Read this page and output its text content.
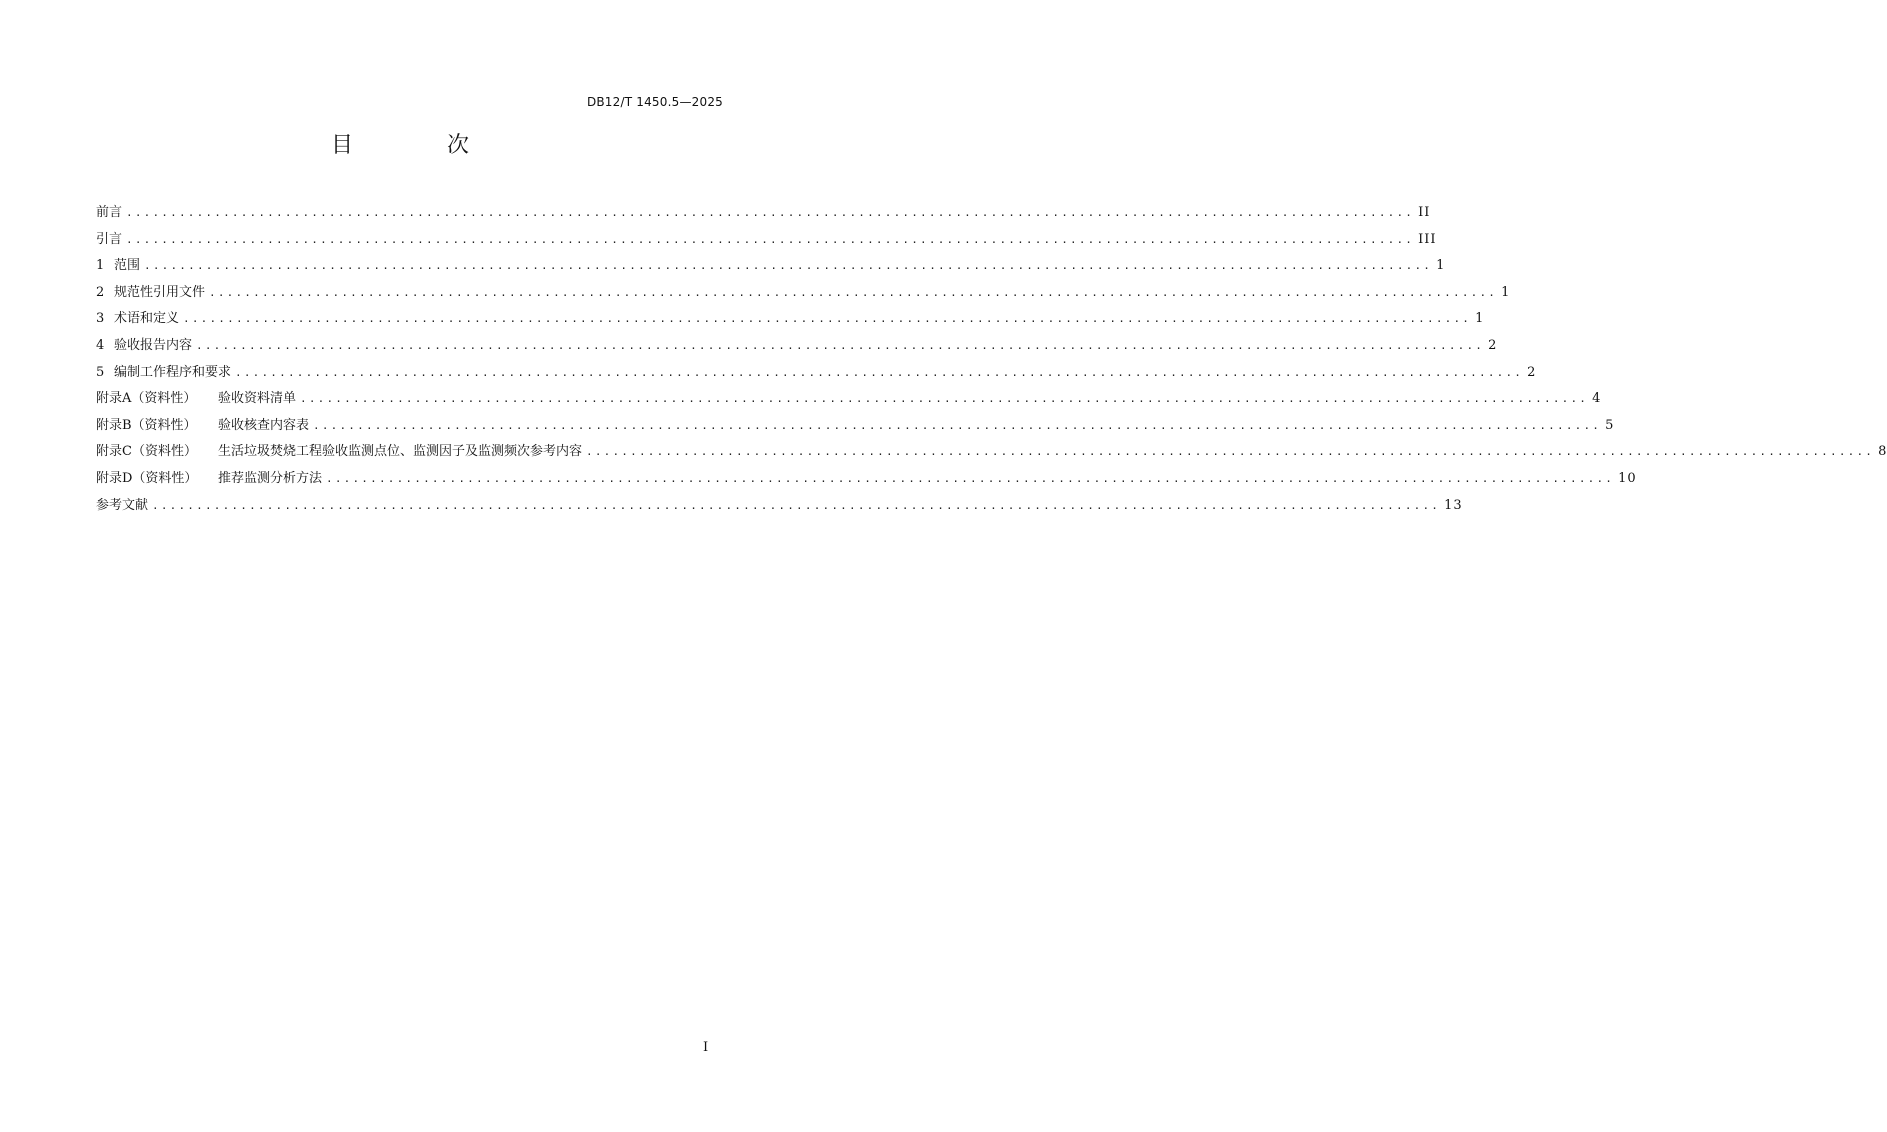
DB12/T 1450.5—2025
目　次
前言 .................................................................................................................................................. II
引言 .................................................................................................................................................. III
1 范围 .................................................................................................................................................. 1
2 规范性引用文件 .................................................................................................................................................. 1
3 术语和定义 .................................................................................................................................................. 1
4 验收报告内容 .................................................................................................................................................. 2
5 编制工作程序和要求 .................................................................................................................................................. 2
附录A（资料性）	验收资料清单 .................................................................................................................................................. 4
附录B（资料性）	验收核查内容表 .................................................................................................................................................. 5
附录C（资料性）	生活垃圾焚烧工程验收监测点位、监测因子及监测频次参考内容 .................................................................................................................................................. 8
附录D（资料性）	推荐监测分析方法 .................................................................................................................................................. 10
参考文献 .................................................................................................................................................. 13
I
